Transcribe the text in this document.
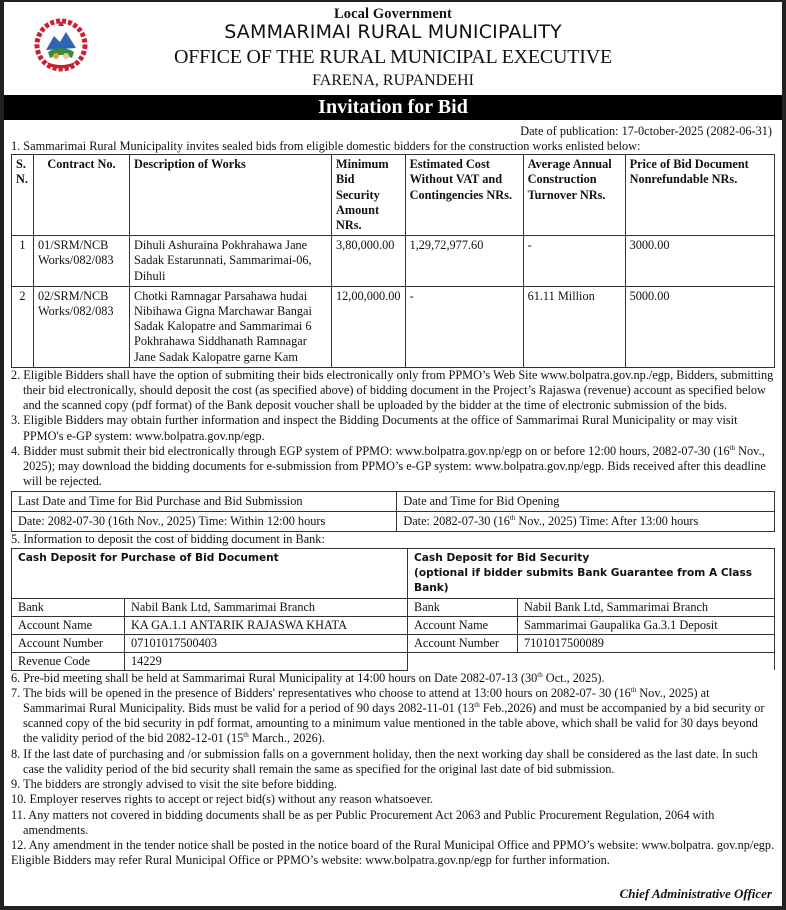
Local Government
SAMMARIMAI RURAL MUNICIPALITY
OFFICE OF THE RURAL MUNICIPAL EXECUTIVE
FARENA, RUPANDEHI
Invitation for Bid
Date of publication: 17-0ctober-2025 (2082-06-31)

1. Sammarimai Rural Municipality invites sealed bids from eligible domestic bidders for the construction works enlisted below:

S. N.	Contract No.	Description of Works	Minimum Bid Security Amount NRs.	Estimated Cost Without VAT and Contingencies NRs.	Average Annual Construction Turnover NRs.	Price of Bid Document Nonrefundable NRs.
1	01/SRM/NCB Works/082/083	Dihuli Ashuraina Pokhrahawa Jane Sadak Estarunnati, Sammarimai-06, Dihuli	3,80,000.00	1,29,72,977.60	-	3000.00
2	02/SRM/NCB Works/082/083	Chotki Ramnagar Parsahawa hudai Nibihawa Gigna Marchawar Bangai Sadak Kalopatre and Sammarimai 6 Pokhrahawa Siddhanath Ramnagar Jane Sadak Kalopatre garne Kam	12,00,000.00	-	61.11 Million	5000.00

2. Eligible Bidders shall have the option of submiting their bids electronically only from PPMO’s Web Site www.bolpatra.gov.np./egp, Bidders, submitting their bid electronically, should deposit the cost (as specified above) of bidding document in the Project’s Rajaswa (revenue) account as specified below and the scanned copy (pdf format) of the Bank deposit voucher shall be uploaded by the bidder at the time of electronic submission of the bids.

3. Eligible Bidders may obtain further information and inspect the Bidding Documents at the office of Sammarimai Rural Municipality or may visit PPMO's e-GP system: www.bolpatra.gov.np/egp.

4. Bidder must submit their bid electronically through EGP system of PPMO: www.bolpatra.gov.np/egp on or before 12:00 hours, 2082-07-30 (16th Nov., 2025); may download the bidding documents for e-submission from PPMO’s e-GP system: www.bolpatra.gov.np/egp. Bids received after this deadline will be rejected.

Last Date and Time for Bid Purchase and Bid Submission	Date and Time for Bid Opening
Date: 2082-07-30 (16th Nov., 2025) Time: Within 12:00 hours	Date: 2082-07-30 (16th Nov., 2025) Time: After 13:00 hours

5. Information to deposit the cost of bidding document in Bank:

Cash Deposit for Purchase of Bid Document		Cash Deposit for Bid Security
(optional if bidder submits Bank Guarantee from A Class Bank)	
Bank	Nabil Bank Ltd, Sammarimai Branch	Bank	Nabil Bank Ltd, Sammarimai Branch
Account Name	KA GA.1.1 ANTARIK RAJASWA KHATA	Account Name	Sammarimai Gaupalika Ga.3.1 Deposit
Account Number	07101017500403	Account Number	7101017500089
Revenue Code	14229		

6. Pre-bid meeting shall be held at Sammarimai Rural Municipality at 14:00 hours on Date 2082-07-13 (30th Oct., 2025).

7. The bids will be opened in the presence of Bidders' representatives who choose to attend at 13:00 hours on 2082-07- 30 (16th Nov., 2025) at Sammarimai Rural Municipality. Bids must be valid for a period of 90 days 2082-11-01 (13th Feb.,2026) and must be accompanied by a bid security or scanned copy of the bid security in pdf format, amounting to a minimum value mentioned in the table above, which shall be valid for 30 days beyond the validity period of the bid 2082-12-01 (15th March., 2026).

8. If the last date of purchasing and /or submission falls on a government holiday, then the next working day shall be considered as the last date. In such case the validity period of the bid security shall remain the same as specified for the original last date of bid submission.

9. The bidders are strongly advised to visit the site before bidding.

10. Employer reserves rights to accept or reject bid(s) without any reason whatsoever.

11. Any matters not covered in bidding documents shall be as per Public Procurement Act 2063 and Public Procurement Regulation, 2064 with amendments.

12. Any amendment in the tender notice shall be posted in the notice board of the Rural Municipal Office and PPMO’s website: www.bolpatra. gov.np/egp.

Eligible Bidders may refer Rural Municipal Office or PPMO’s website: www.bolpatra.gov.np/egp for further information.

Chief Administrative Officer
